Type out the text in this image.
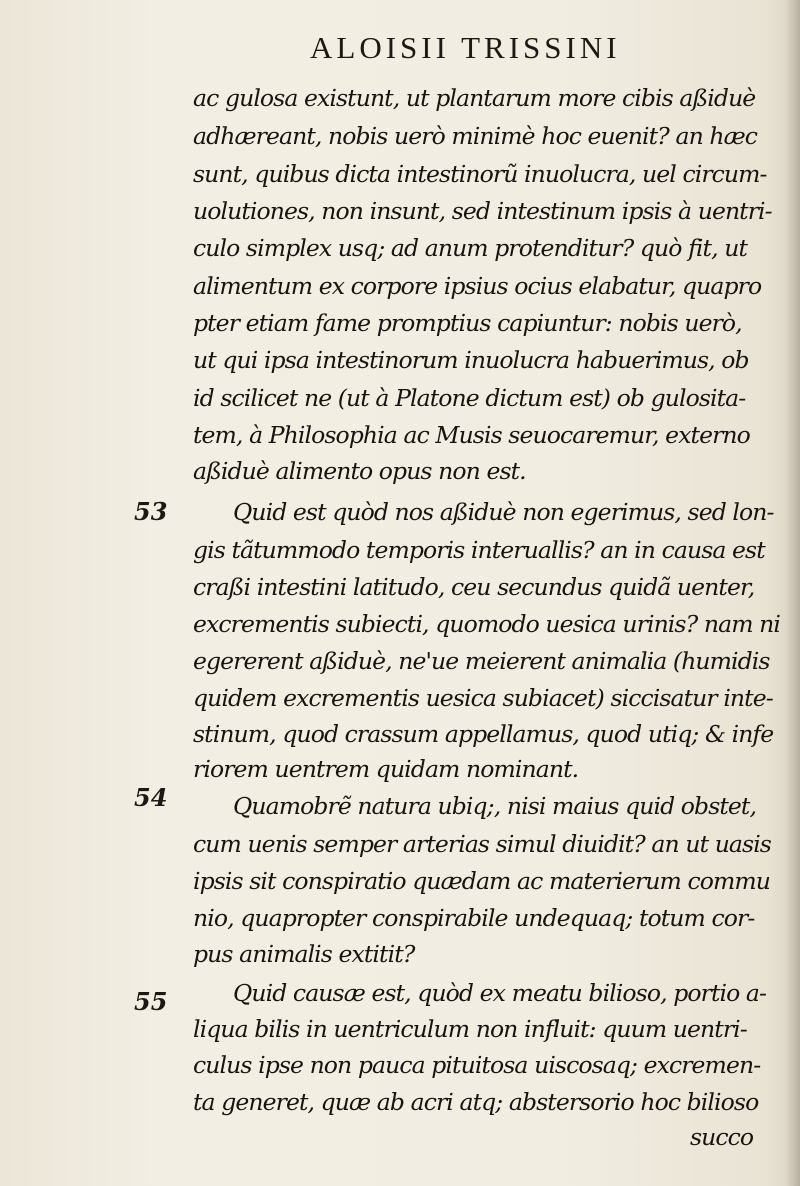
ALOISII TRISSINI
53
54
55
ac gulosa existunt, ut plantarum more cibis aßiduè
adhæreant, nobis uerò minimè hoc euenit? an hæc
sunt, quibus dicta intestinorũ inuolucra, uel circum-
uolutiones, non insunt, sed intestinum ipsis à uentri-
culo simplex usq; ad anum protenditur? quò fit, ut
alimentum ex corpore ipsius ocius elabatur, quapro
pter etiam fame promptius capiuntur: nobis uerò,
ut qui ipsa intestinorum inuolucra habuerimus, ob
id scilicet ne (ut à Platone dictum est) ob gulosita-
tem, à Philosophia ac Musis seuocaremur, externo
aßiduè alimento opus non est.
Quid est quòd nos aßiduè non egerimus, sed lon-
gis tãtummodo temporis interuallis? an in causa est
craßi intestini latitudo, ceu secundus quidã uenter,
excrementis subiecti, quomodo uesica urinis? nam ni
egererent aßiduè, ne'ue meierent animalia (humidis
quidem excrementis uesica subiacet) siccisatur inte-
stinum, quod crassum appellamus, quod utiq; & infe
riorem uentrem quidam nominant.
Quamobrẽ natura ubiq;, nisi maius quid obstet,
cum uenis semper arterias simul diuidit? an ut uasis
ipsis sit conspiratio quædam ac materierum commu
nio, quapropter conspirabile undequaq; totum cor-
pus animalis extitit?
Quid causæ est, quòd ex meatu bilioso, portio a-
liqua bilis in uentriculum non influit: quum uentri-
culus ipse non pauca pituitosa uiscosaq; excremen-
ta generet, quæ ab acri atq; abstersorio hoc bilioso
succo
